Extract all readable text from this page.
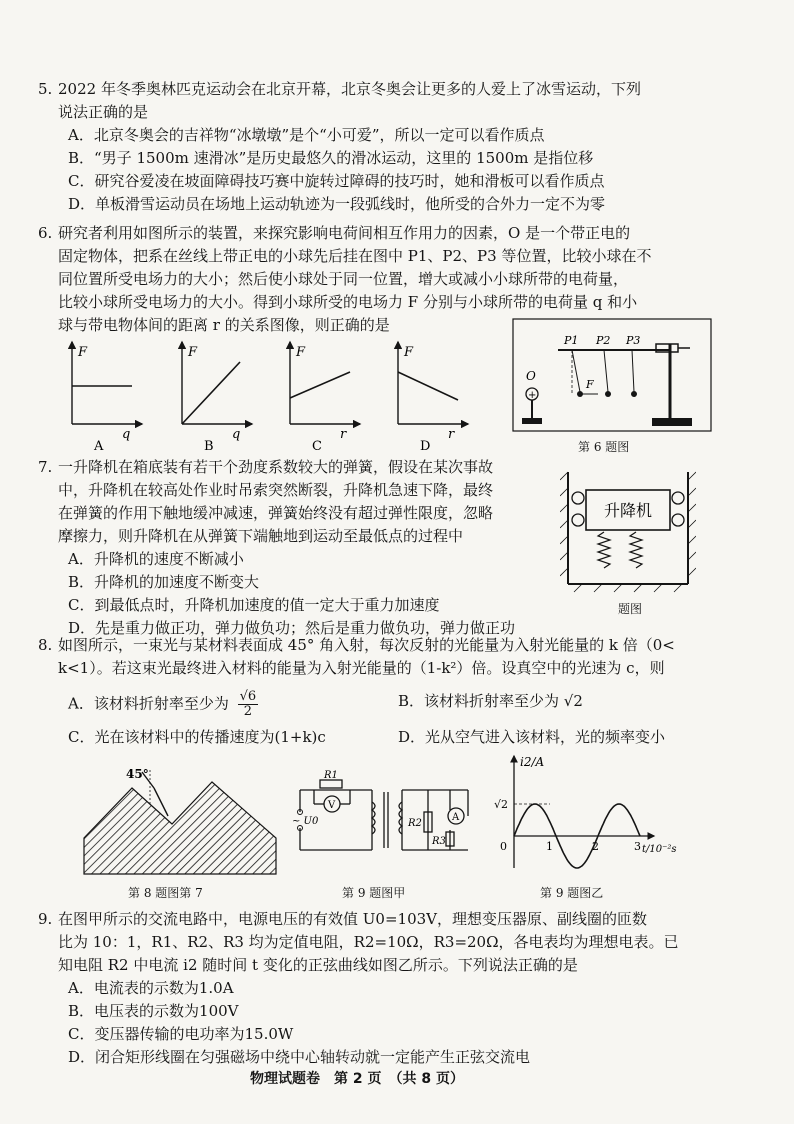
5. 2022 年冬季奥林匹克运动会在北京开幕，北京冬奥会让更多的人爱上了冰雪运动，下列
说法正确的是
A．北京冬奥会的吉祥物“冰墩墩”是个“小可爱”，所以一定可以看作质点
B．“男子 1500m 速滑冰”是历史最悠久的滑冰运动，这里的 1500m 是指位移
C．研究谷爱凌在坡面障碍技巧赛中旋转过障碍的技巧时，她和滑板可以看作质点
D．单板滑雪运动员在场地上运动轨迹为一段弧线时，他所受的合外力一定不为零
6. 研究者利用如图所示的装置，来探究影响电荷间相互作用力的因素，O 是一个带正电的
固定物体，把系在丝线上带正电的小球先后挂在图中 P1、P2、P3 等位置，比较小球在不
同位置所受电场力的大小；然后使小球处于同一位置，增大或减小小球所带的电荷量，
比较小球所受电场力的大小。得到小球所受的电场力 F 分别与小球所带的电荷量 q 和小
球与带电物体间的距离 r 的关系图像，则正确的是
F
q
A
F
q
B
F
r
C
F
r
D
P1 P2 P3
F
O
+
第 6 题图
7. 一升降机在箱底装有若干个劲度系数较大的弹簧，假设在某次事故
中，升降机在较高处作业时吊索突然断裂，升降机急速下降，最终
在弹簧的作用下触地缓冲减速，弹簧始终没有超过弹性限度，忽略
摩擦力，则升降机在从弹簧下端触地到运动至最低点的过程中
A．升降机的速度不断减小
B．升降机的加速度不断变大
C．到最低点时，升降机加速度的值一定大于重力加速度
D．先是重力做正功，弹力做负功；然后是重力做负功，弹力做正功
升降机
题图
8. 如图所示，一束光与某材料表面成 45° 角入射，每次反射的光能量为入射光能量的 k 倍（0<
k<1）。若这束光最终进入材料的能量为入射光能量的（1-k²）倍。设真空中的光速为 c，则
A．该材料折射率至少为 $\frac{√6}{2}$	B．该材料折射率至少为 √2
C．光在该材料中的传播速度为(1+k)c	D．光从空气进入该材料，光的频率变小
45°
第 8 题图第 7
R1
V
~ U0	R2
A
R3
第 9 题图甲
i2/A
t/10⁻²s
√2
0	1	2	3
第 9 题图乙
9. 在图甲所示的交流电路中，电源电压的有效值 U0=103V，理想变压器原、副线圈的匝数
比为 10：1，R1、R2、R3 均为定值电阻，R2=10Ω，R3=20Ω，各电表均为理想电表。已
知电阻 R2 中电流 i2 随时间 t 变化的正弦曲线如图乙所示。下列说法正确的是
A．电流表的示数为1.0A
B．电压表的示数为100V
C．变压器传输的电功率为15.0W
D．闭合矩形线圈在匀强磁场中绕中心轴转动就一定能产生正弦交流电
物理试题卷　第 2 页　（共 8 页）
